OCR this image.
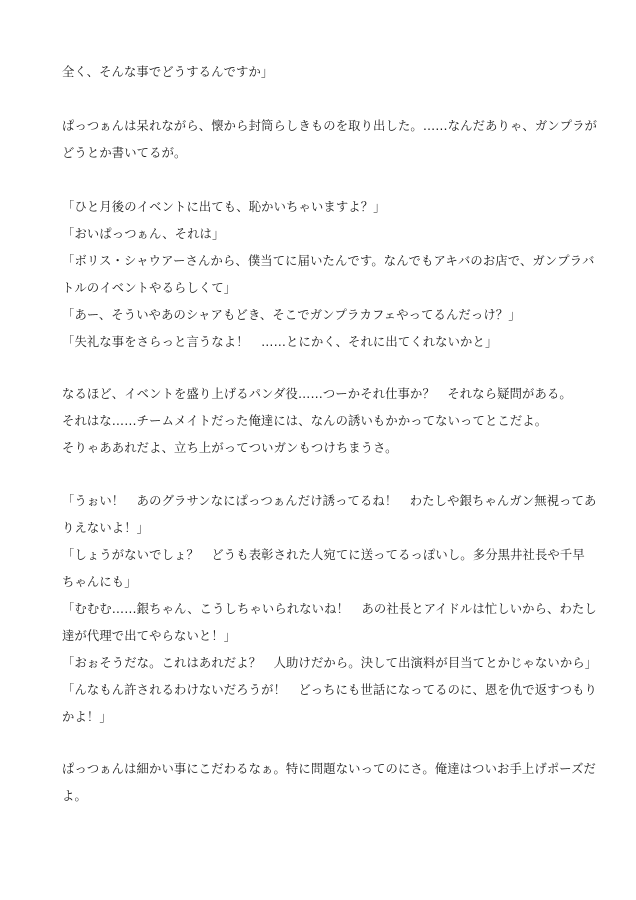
全く、そんな事でどうするんですか」
ぱっつぁんは呆れながら、懐から封筒らしきものを取り出した。……なんだありゃ、ガンプラが
どうとか書いてるが。
「ひと月後のイベントに出ても、恥かいちゃいますよ？」
「おいぱっつぁん、それは」
「ボリス・シャウアーさんから、僕当てに届いたんです。なんでもアキバのお店で、ガンプラバ
トルのイベントやるらしくて」
「あー、そういやあのシャアもどき、そこでガンプラカフェやってるんだっけ？」
「失礼な事をさらっと言うなよ！　……とにかく、それに出てくれないかと」
なるほど、イベントを盛り上げるパンダ役……つーかそれ仕事か？　それなら疑問がある。
それはな……チームメイトだった俺達には、なんの誘いもかかってないってとこだよ。
そりゃああれだよ、立ち上がってついガンもつけちまうさ。
「うぉい！　あのグラサンなにぱっつぁんだけ誘ってるね！　わたしや銀ちゃんガン無視ってあ
りえないよ！」
「しょうがないでしょ？　どうも表彰された人宛てに送ってるっぽいし。多分黒井社長や千早
ちゃんにも」
「むむむ……銀ちゃん、こうしちゃいられないね！　あの社長とアイドルは忙しいから、わたし
達が代理で出てやらないと！」
「おぉそうだな。これはあれだよ？　人助けだから。決して出演料が目当てとかじゃないから」
「んなもん許されるわけないだろうが！　どっちにも世話になってるのに、恩を仇で返すつもり
かよ！」
ぱっつぁんは細かい事にこだわるなぁ。特に問題ないってのにさ。俺達はついお手上げポーズだ
よ。
